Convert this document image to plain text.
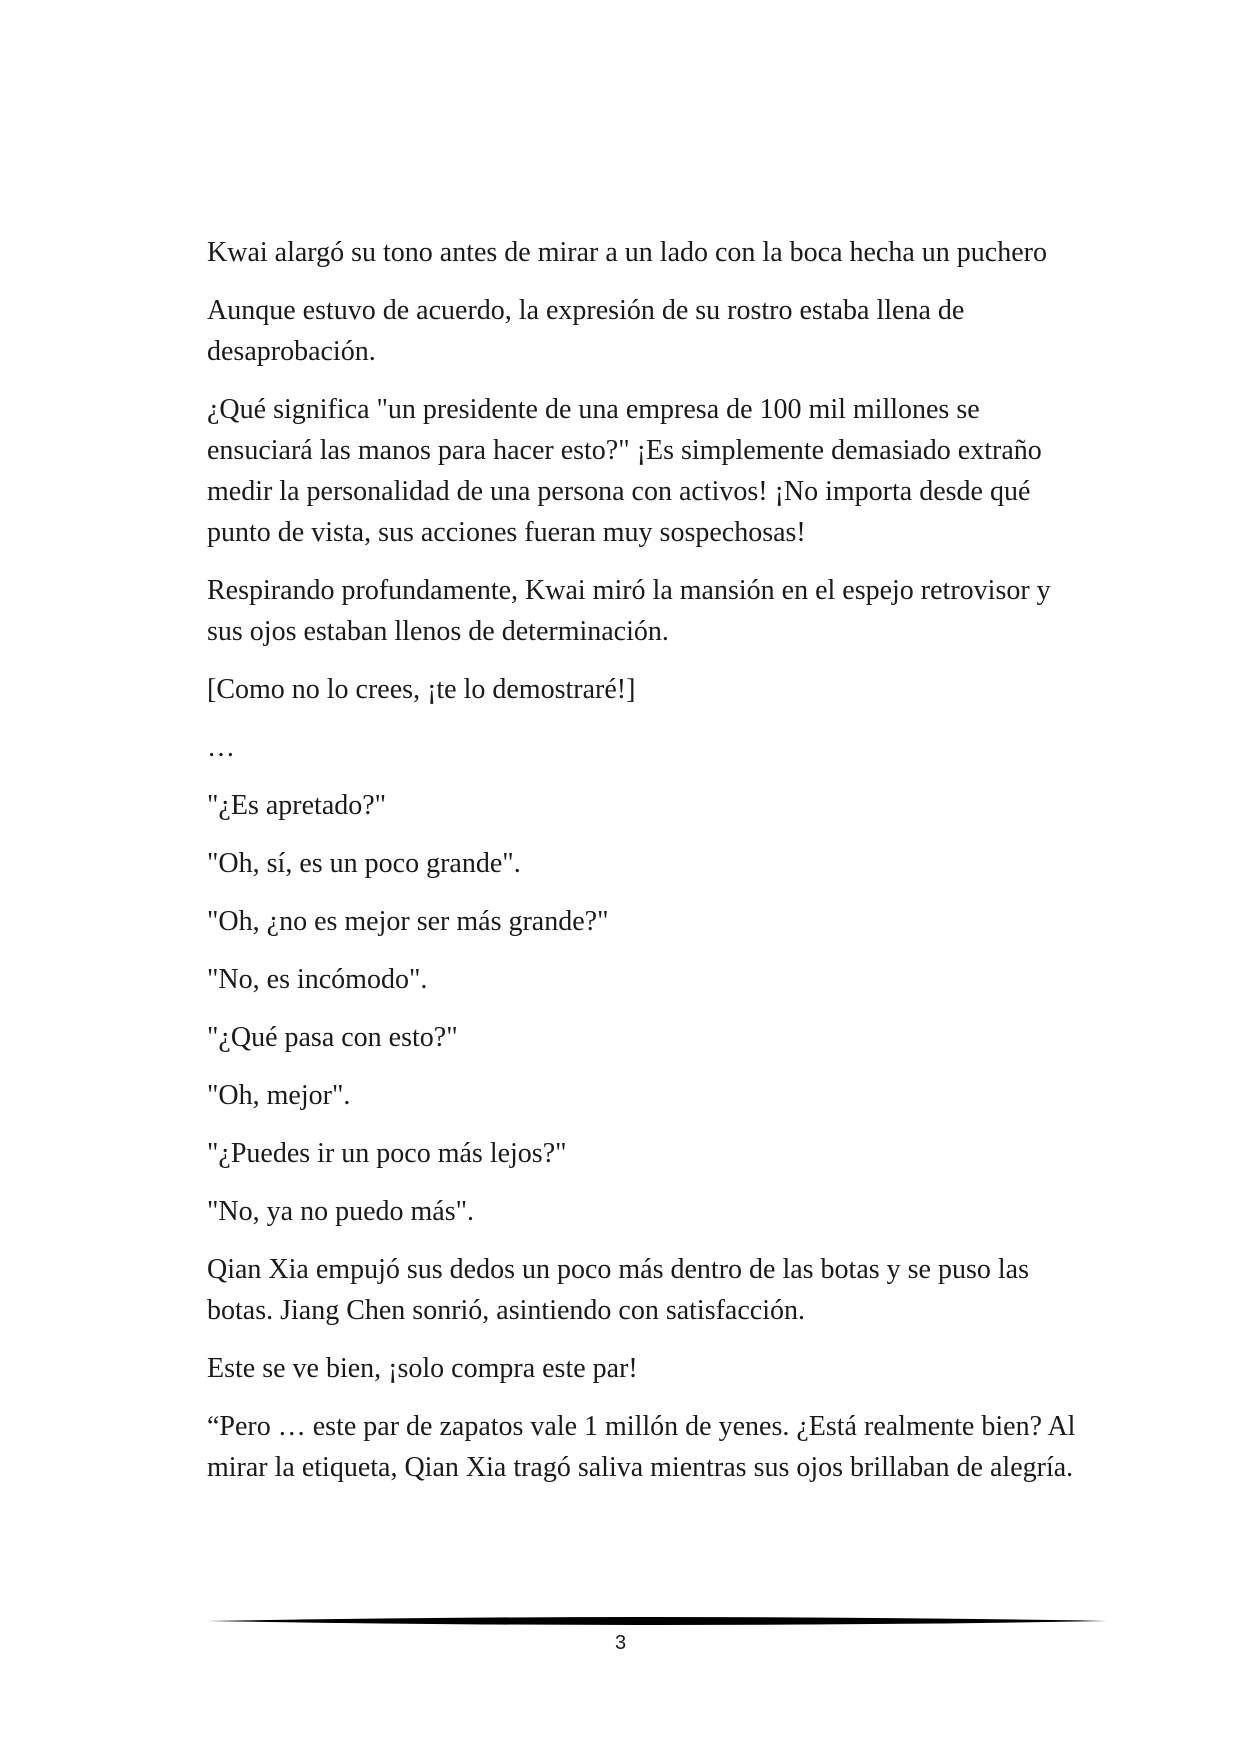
Kwai alargó su tono antes de mirar a un lado con la boca hecha un puchero

Aunque estuvo de acuerdo, la expresión de su rostro estaba llena de desaprobación.

¿Qué significa "un presidente de una empresa de 100 mil millones se ensuciará las manos para hacer esto?" ¡Es simplemente demasiado extraño medir la personalidad de una persona con activos! ¡No importa desde qué punto de vista, sus acciones fueran muy sospechosas!

Respirando profundamente, Kwai miró la mansión en el espejo retrovisor y sus ojos estaban llenos de determinación.

[Como no lo crees, ¡te lo demostraré!]

…

"¿Es apretado?"

"Oh, sí, es un poco grande".

"Oh, ¿no es mejor ser más grande?"

"No, es incómodo".

"¿Qué pasa con esto?"

"Oh, mejor".

"¿Puedes ir un poco más lejos?"

"No, ya no puedo más".

Qian Xia empujó sus dedos un poco más dentro de las botas y se puso las botas. Jiang Chen sonrió, asintiendo con satisfacción.

Este se ve bien, ¡solo compra este par!

“Pero … este par de zapatos vale 1 millón de yenes. ¿Está realmente bien? Al mirar la etiqueta, Qian Xia tragó saliva mientras sus ojos brillaban de alegría.

3
